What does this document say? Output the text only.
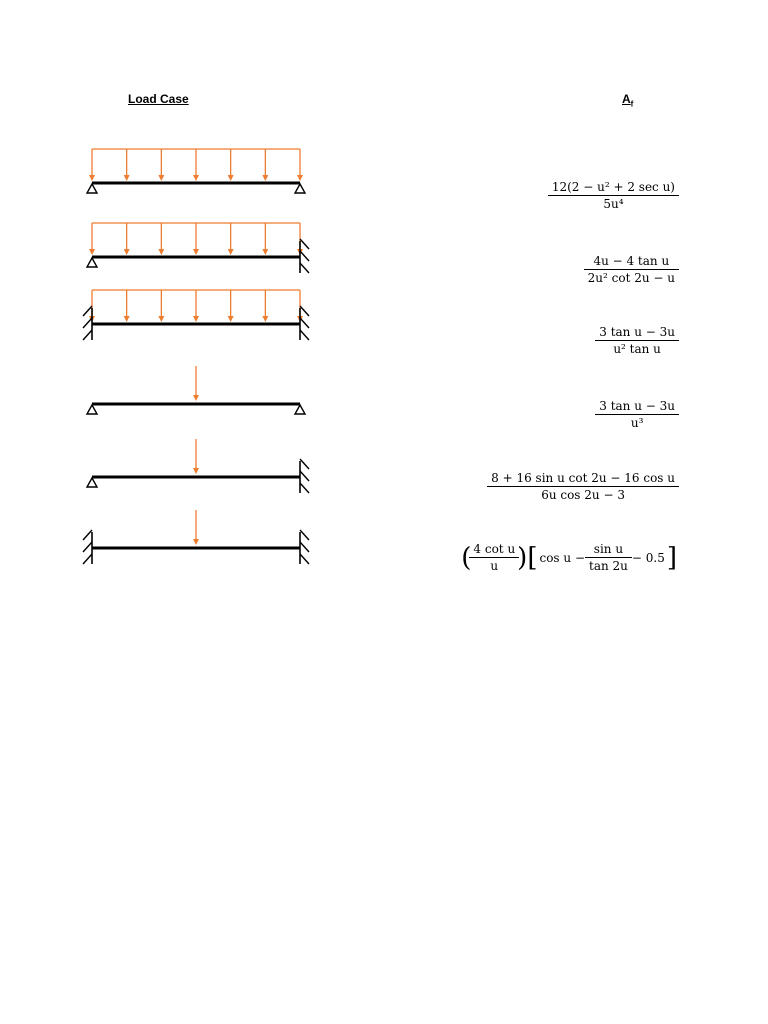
Load Case	$A_f$
$\frac{\text{12(2 − u² + 2 sec u)}}{\text{5u⁴}}$
$\frac{\text{4u − 4 tan u}}{\text{2u² cot 2u − u}}$
$\frac{\text{3 tan u − 3u}}{\text{u² tan u}}$
$\frac{\text{3 tan u − 3u}}{\text{u³}}$
$\frac{\text{8 + 16 sin u cot 2u − 16 cos u}}{\text{6u cos 2u − 3}}$
( $\frac{\text{4 cot u}}{u}$ ) [ $\cos u - \frac{\text{sin u}}{\tan 2u} - 0.5$ ]
